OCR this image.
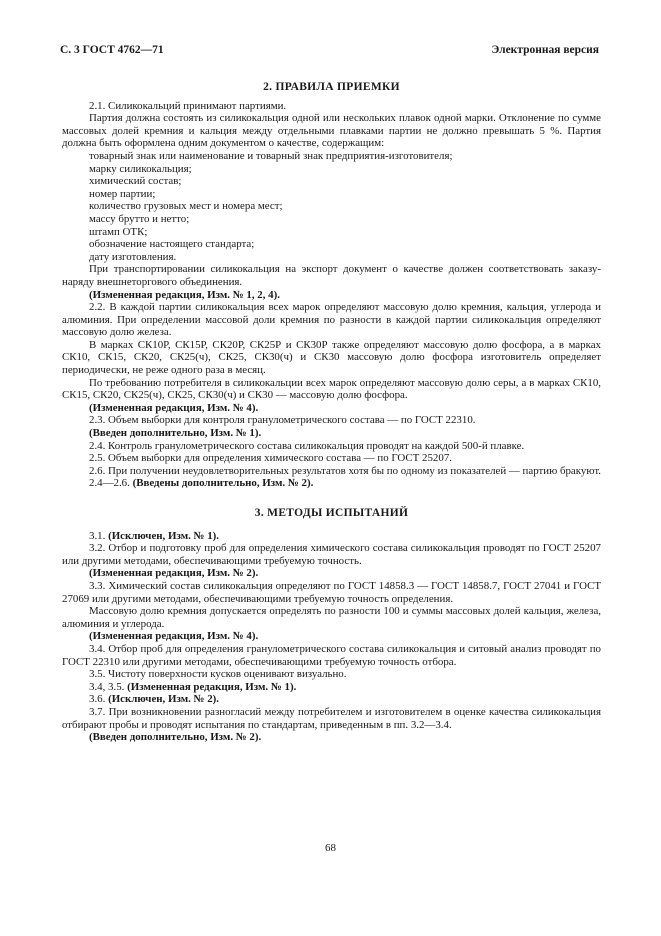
С. 3 ГОСТ 4762—71	Электронная версия
2. ПРАВИЛА ПРИЕМКИ

2.1. Силикокальций принимают партиями.

Партия должна состоять из силикокальция одной или нескольких плавок одной марки. Отклонение по сумме массовых долей кремния и кальция между отдельными плавками партии не должно превышать 5 %. Партия должна быть оформлена одним документом о качестве, содержащим:

товарный знак или наименование и товарный знак предприятия-изготовителя;

марку силикокальция;

химический состав;

номер партии;

количество грузовых мест и номера мест;

массу брутто и нетто;

штамп ОТК;

обозначение настоящего стандарта;

дату изготовления.

При транспортировании силикокальция на экспорт документ о качестве должен соответствовать заказу-наряду внешнеторгового объединения.

(Измененная редакция, Изм. № 1, 2, 4).

2.2. В каждой партии силикокальция всех марок определяют массовую долю кремния, кальция, углерода и алюминия. При определении массовой доли кремния по разности в каждой партии силикокальция определяют массовую долю железа.

В марках СК10Р, СК15Р, СК20Р, СК25Р и СК30Р также определяют массовую долю фосфора, а в марках СК10, СК15, СК20, СК25(ч), СК25, СК30(ч) и СК30 массовую долю фосфора изготовитель определяет периодически, не реже одного раза в месяц.

По требованию потребителя в силикокальции всех марок определяют массовую долю серы, а в марках СК10, СК15, СК20, СК25(ч), СК25, СК30(ч) и СК30 — массовую долю фосфора.

(Измененная редакция, Изм. № 4).

2.3. Объем выборки для контроля гранулометрического состава — по ГОСТ 22310.

(Введен дополнительно, Изм. № 1).

2.4. Контроль гранулометрического состава силикокальция проводят на каждой 500-й плавке.

2.5. Объем выборки для определения химического состава — по ГОСТ 25207.

2.6. При получении неудовлетворительных результатов хотя бы по одному из показателей — партию бракуют.

2.4—2.6. (Введены дополнительно, Изм. № 2).

3. МЕТОДЫ ИСПЫТАНИЙ

3.1. (Исключен, Изм. № 1).

3.2. Отбор и подготовку проб для определения химического состава силикокальция проводят по ГОСТ 25207 или другими методами, обеспечивающими требуемую точность.

(Измененная редакция, Изм. № 2).

3.3. Химический состав силикокальция определяют по ГОСТ 14858.3 — ГОСТ 14858.7, ГОСТ 27041 и ГОСТ 27069 или другими методами, обеспечивающими требуемую точность определения.

Массовую долю кремния допускается определять по разности 100 и суммы массовых долей кальция, железа, алюминия и углерода.

(Измененная редакция, Изм. № 4).

3.4. Отбор проб для определения гранулометрического состава силикокальция и ситовый анализ проводят по ГОСТ 22310 или другими методами, обеспечивающими требуемую точность отбора.

3.5. Чистоту поверхности кусков оценивают визуально.

3.4, 3.5. (Измененная редакция, Изм. № 1).

3.6. (Исключен, Изм. № 2).

3.7. При возникновении разногласий между потребителем и изготовителем в оценке качества силикокальция отбирают пробы и проводят испытания по стандартам, приведенным в пп. 3.2—3.4.

(Введен дополнительно, Изм. № 2).

68
